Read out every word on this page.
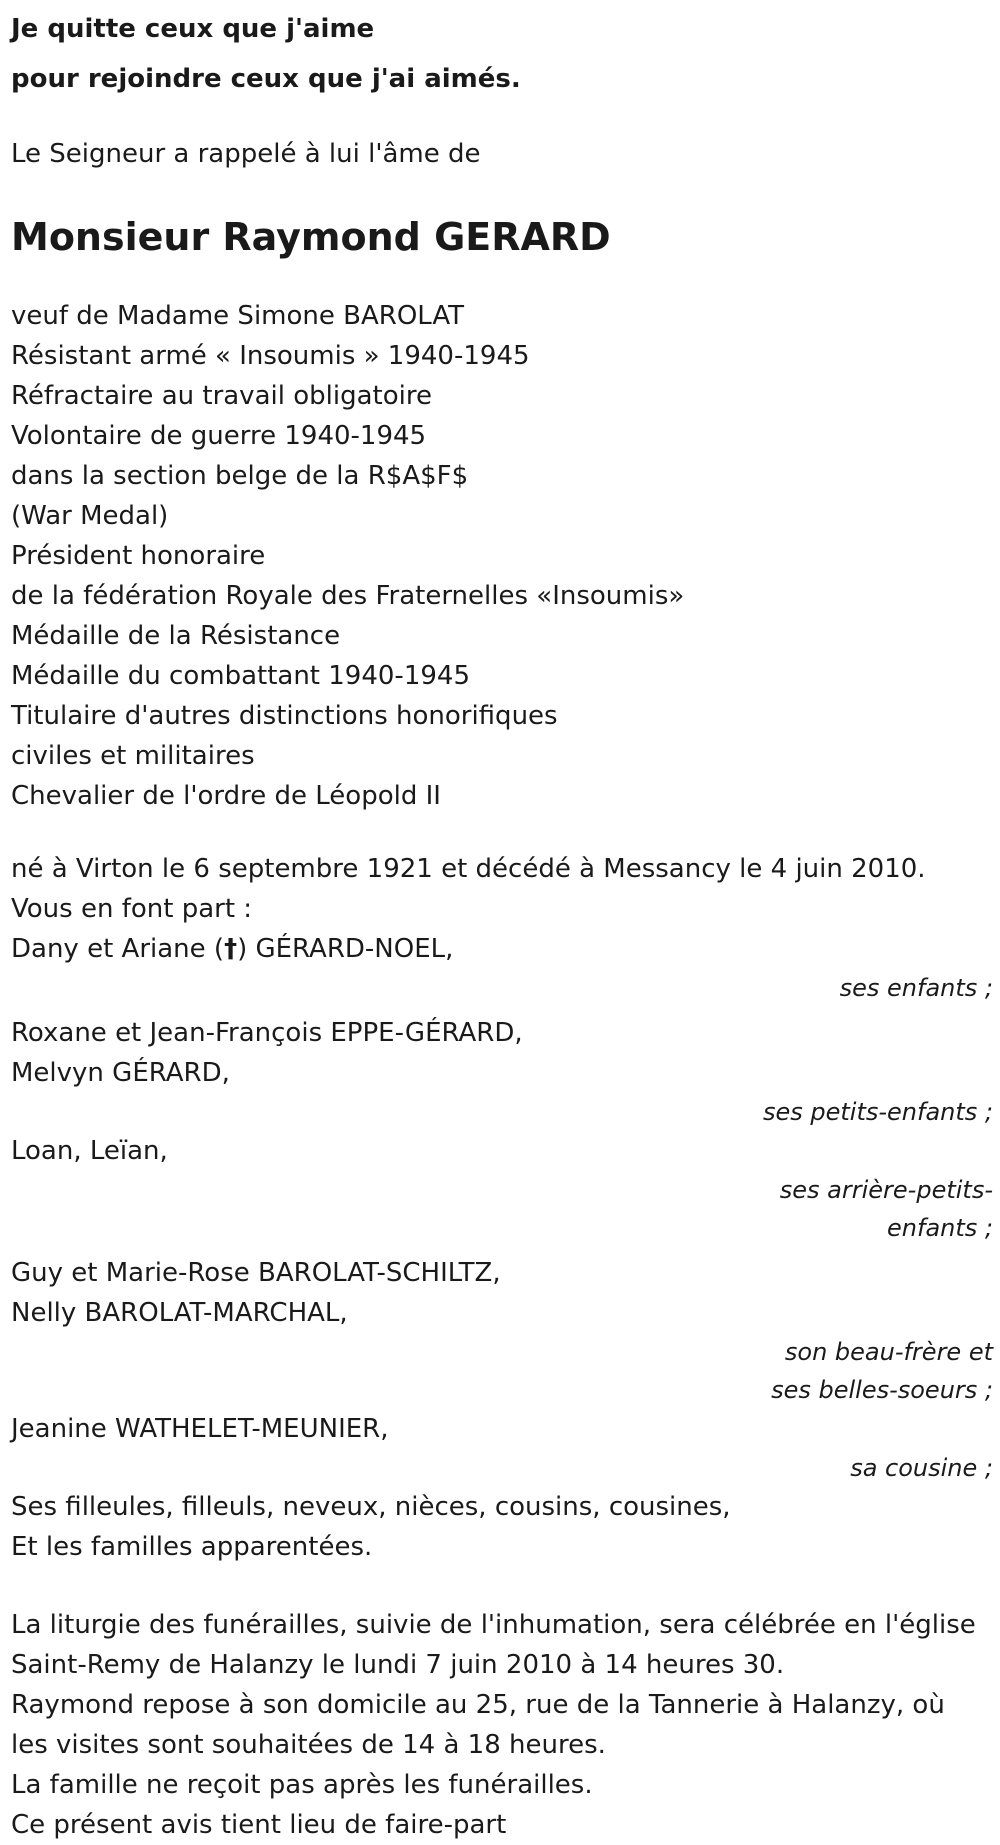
Je quitte ceux que j'aime
pour rejoindre ceux que j'ai aimés.
Le Seigneur a rappelé à lui l'âme de
Monsieur Raymond GERARD
veuf de Madame Simone BAROLAT
Résistant armé « Insoumis » 1940-1945
Réfractaire au travail obligatoire
Volontaire de guerre 1940-1945
dans la section belge de la R$A$F$
(War Medal)
Président honoraire
de la fédération Royale des Fraternelles «Insoumis»
Médaille de la Résistance
Médaille du combattant 1940-1945
Titulaire d'autres distinctions honorifiques
civiles et militaires
Chevalier de l'ordre de Léopold II
né à Virton le 6 septembre 1921 et décédé à Messancy le 4 juin 2010.
Vous en font part :
Dany et Ariane (†) GÉRARD-NOEL,
ses enfants ;
Roxane et Jean-François EPPE-GÉRARD,
Melvyn GÉRARD,
ses petits-enfants ;
Loan, Leïan,
ses arrière-petits-
enfants ;
Guy et Marie-Rose BAROLAT-SCHILTZ,
Nelly BAROLAT-MARCHAL,
son beau-frère et
ses belles-soeurs ;
Jeanine WATHELET-MEUNIER,
sa cousine ;
Ses filleules, filleuls, neveux, nièces, cousins, cousines,
Et les familles apparentées.
La liturgie des funérailles, suivie de l'inhumation, sera célébrée en l'église
Saint-Remy de Halanzy le lundi 7 juin 2010 à 14 heures 30.
Raymond repose à son domicile au 25, rue de la Tannerie à Halanzy, où
les visites sont souhaitées de 14 à 18 heures.
La famille ne reçoit pas après les funérailles.
Ce présent avis tient lieu de faire-part
